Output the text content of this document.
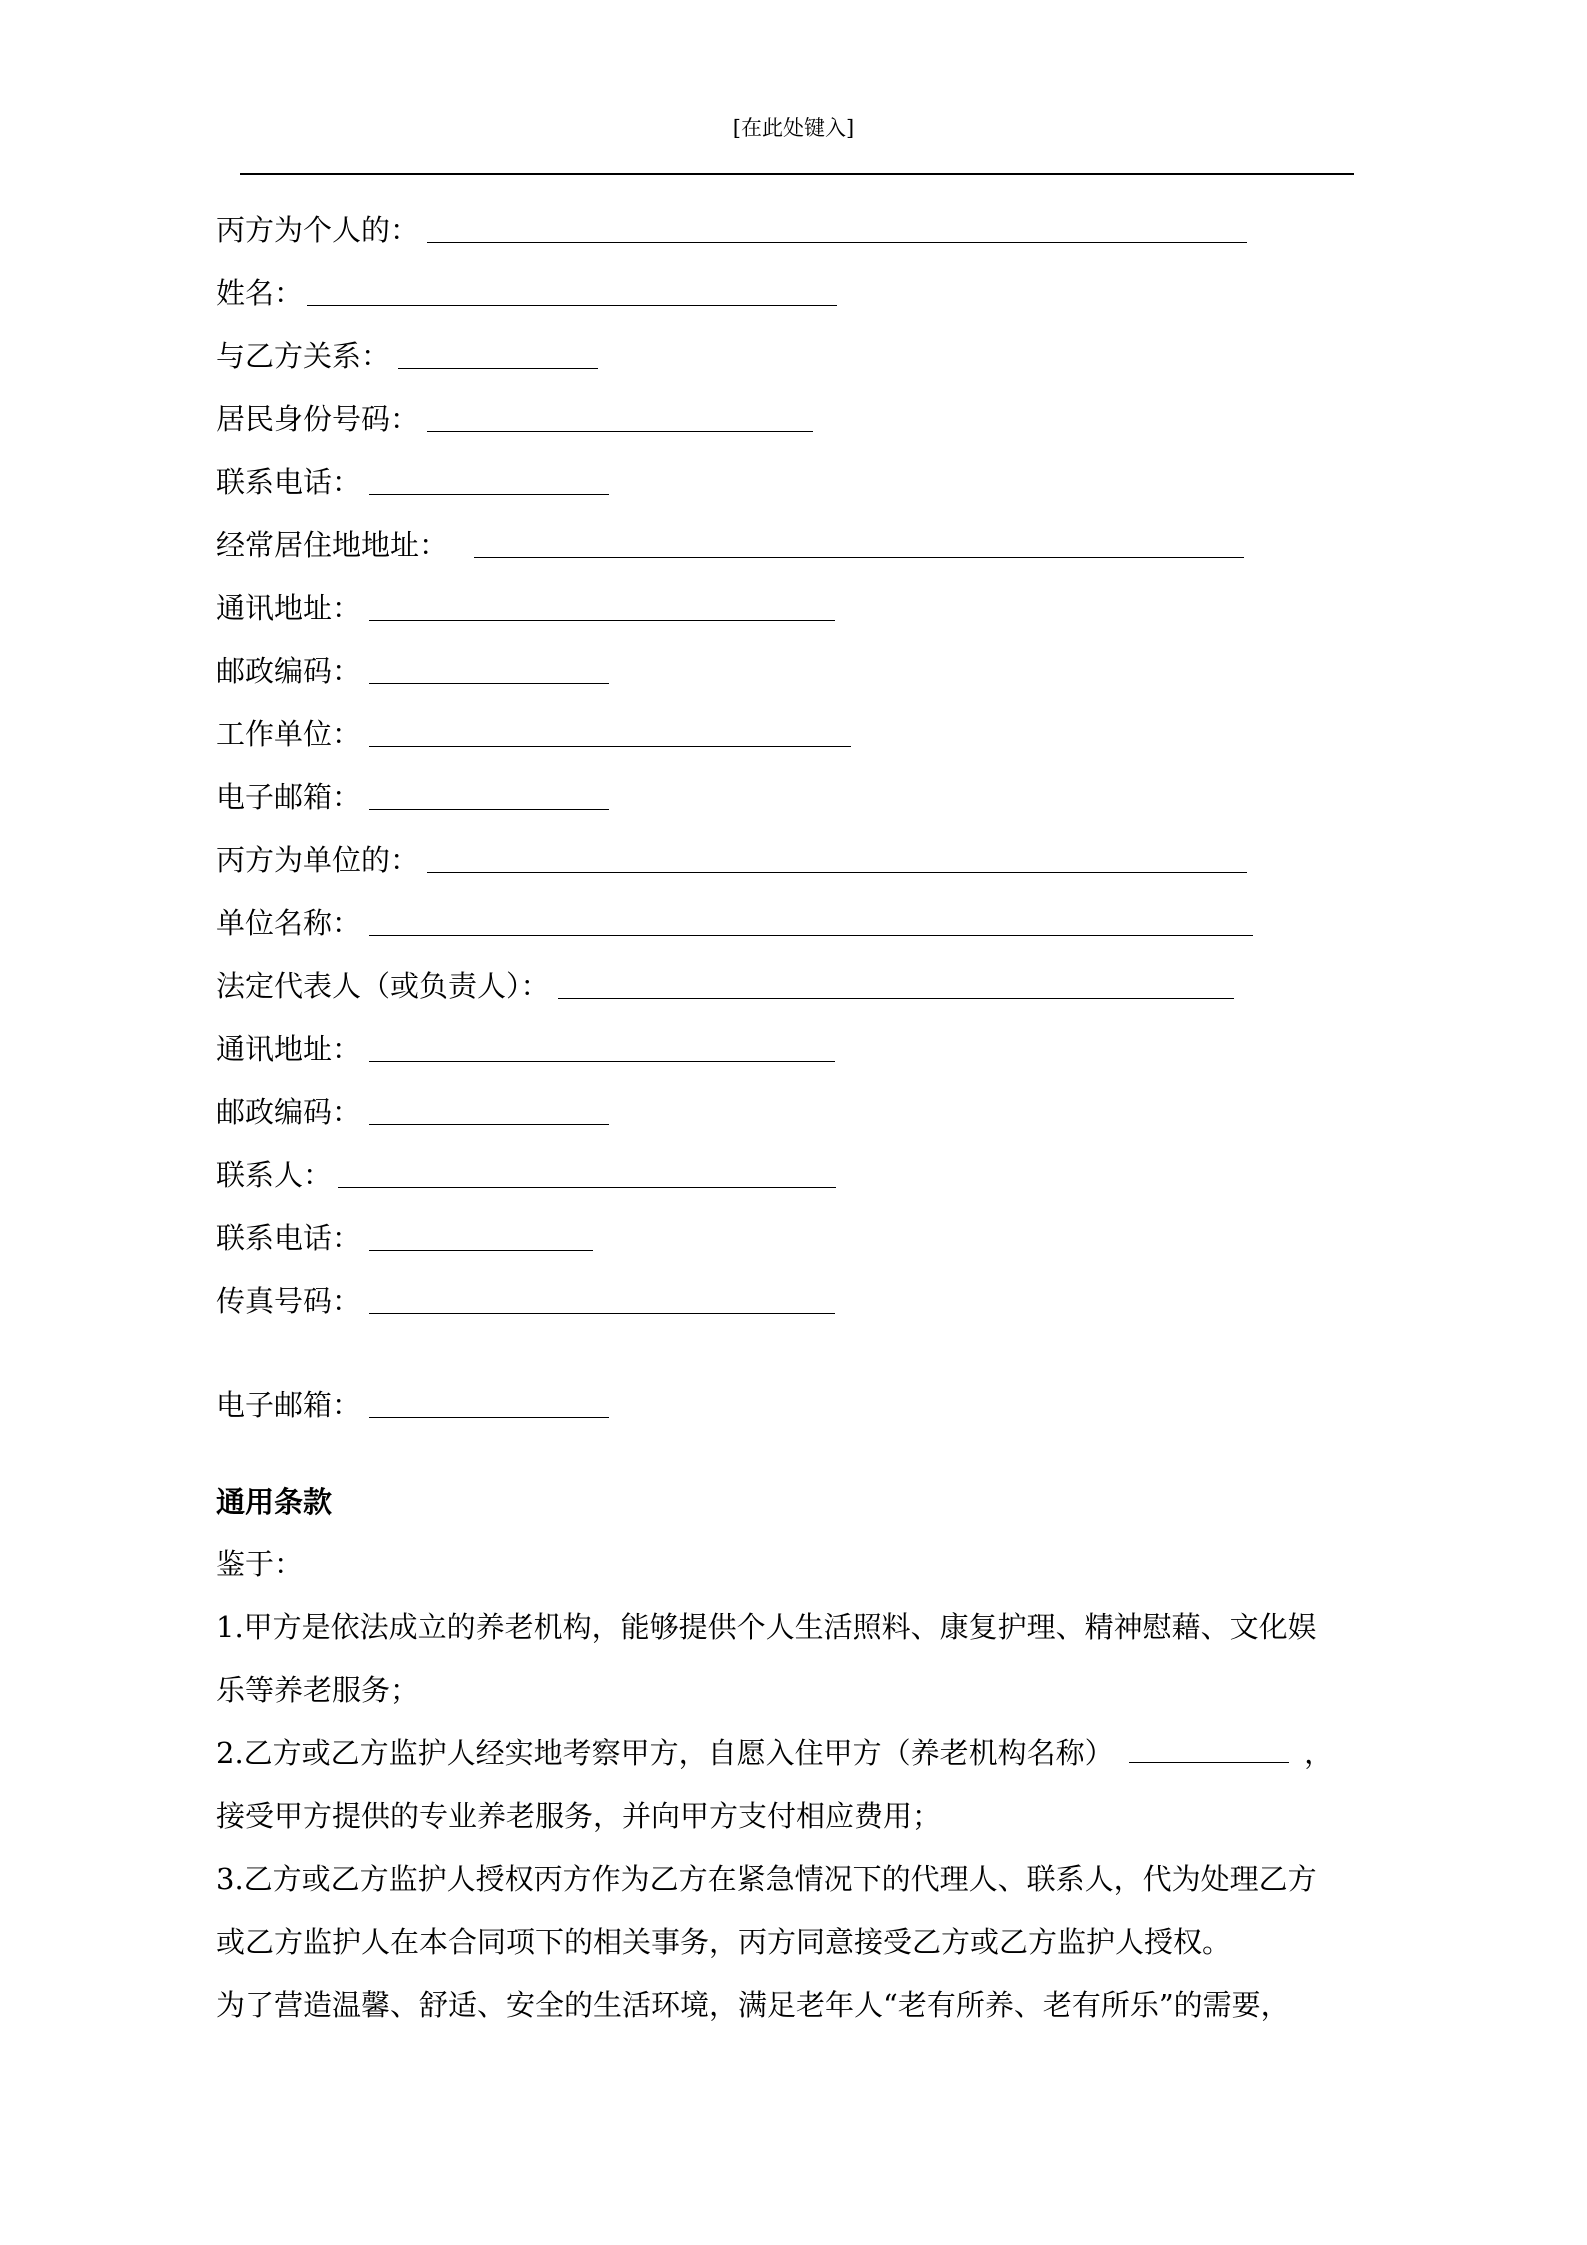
[在此处键入]
丙方为个人的：
姓名：
与乙方关系：
居民身份号码：
联系电话：
经常居住地地址：
通讯地址：
邮政编码：
工作单位：
电子邮箱：
丙方为单位的：
单位名称：
法定代表人（或负责人）：
通讯地址：
邮政编码：
联系人：
联系电话：
传真号码：
电子邮箱：
通用条款
鉴于：
1.甲方是依法成立的养老机构，能够提供个人生活照料、康复护理、精神慰藉、文化娱
乐等养老服务；
2.乙方或乙方监护人经实地考察甲方，自愿入住甲方（养老机构名称）	，
接受甲方提供的专业养老服务，并向甲方支付相应费用；
3.乙方或乙方监护人授权丙方作为乙方在紧急情况下的代理人、联系人，代为处理乙方
或乙方监护人在本合同项下的相关事务，丙方同意接受乙方或乙方监护人授权。
为了营造温馨、舒适、安全的生活环境，满足老年人“老有所养、老有所乐”的需要，
